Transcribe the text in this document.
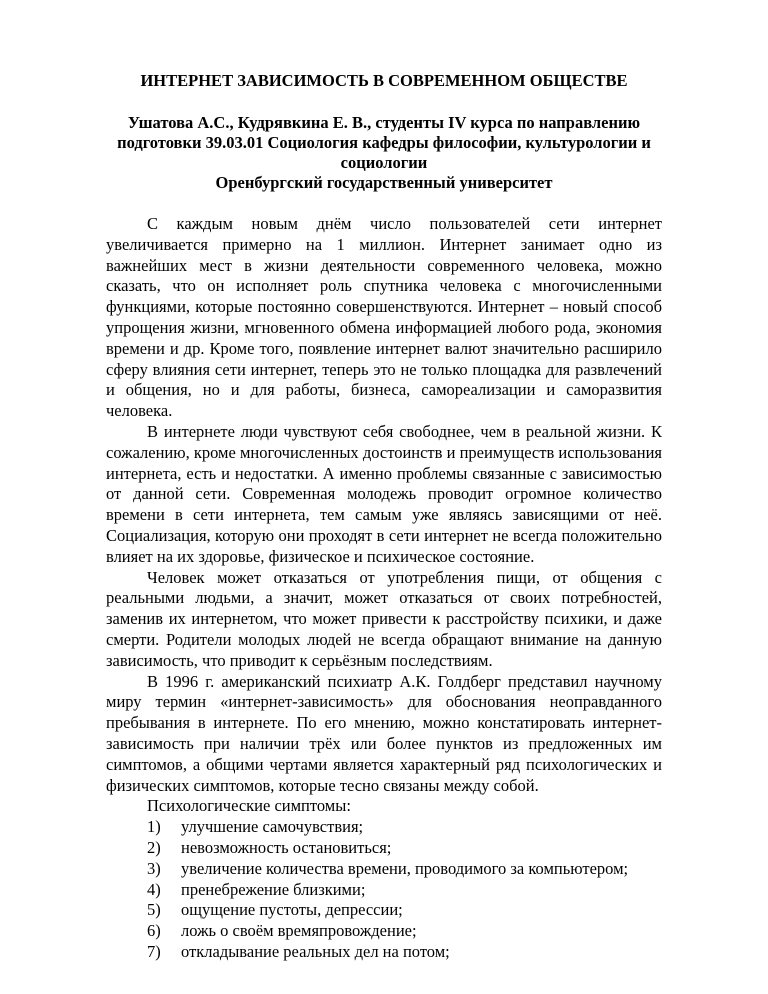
ИНТЕРНЕТ ЗАВИСИМОСТЬ В СОВРЕМЕННОМ ОБЩЕСТВЕ
Ушатова А.С., Кудрявкина Е. В., студенты IV курса по направлению
подготовки 39.03.01 Социология кафедры философии, культурологии и
социологии
Оренбургский государственный университет

С каждым новым днём число пользователей сети интернет увеличивается примерно на 1 миллион. Интернет занимает одно из важнейших мест в жизни деятельности современного человека, можно сказать, что он исполняет роль спутника человека с многочисленными функциями, которые постоянно совершенствуются. Интернет – новый способ упрощения жизни, мгновенного обмена информацией любого рода, экономия времени и др. Кроме того, появление интернет валют значительно расширило сферу влияния сети интернет, теперь это не только площадка для развлечений и общения, но и для работы, бизнеса, самореализации и саморазвития человека.

В интернете люди чувствуют себя свободнее, чем в реальной жизни. К сожалению, кроме многочисленных достоинств и преимуществ использования интернета, есть и недостатки. А именно проблемы связанные с зависимостью от данной сети. Современная молодежь проводит огромное количество времени в сети интернета, тем самым уже являясь зависящими от неё. Социализация, которую они проходят в сети интернет не всегда положительно влияет на их здоровье, физическое и психическое состояние.

Человек может отказаться от употребления пищи, от общения с реальными людьми, а значит, может отказаться от своих потребностей, заменив их интернетом, что может привести к расстройству психики, и даже смерти. Родители молодых людей не всегда обращают внимание на данную зависимость, что приводит к серьёзным последствиям.

В 1996 г. американский психиатр А.К. Голдберг представил научному миру термин «интернет-зависимость» для обоснования неоправданного пребывания в интернете. По его мнению, можно констатировать интернет-зависимость при наличии трёх или более пунктов из предложенных им симптомов, а общими чертами является характерный ряд психологических и физических симптомов, которые тесно связаны между собой.

Психологические симптомы:
1) улучшение самочувствия;
2) невозможность остановиться;
3) увеличение количества времени, проводимого за компьютером;
4) пренебрежение близкими;
5) ощущение пустоты, депрессии;
6) ложь о своём времяпровождение;
7) откладывание реальных дел на потом;
